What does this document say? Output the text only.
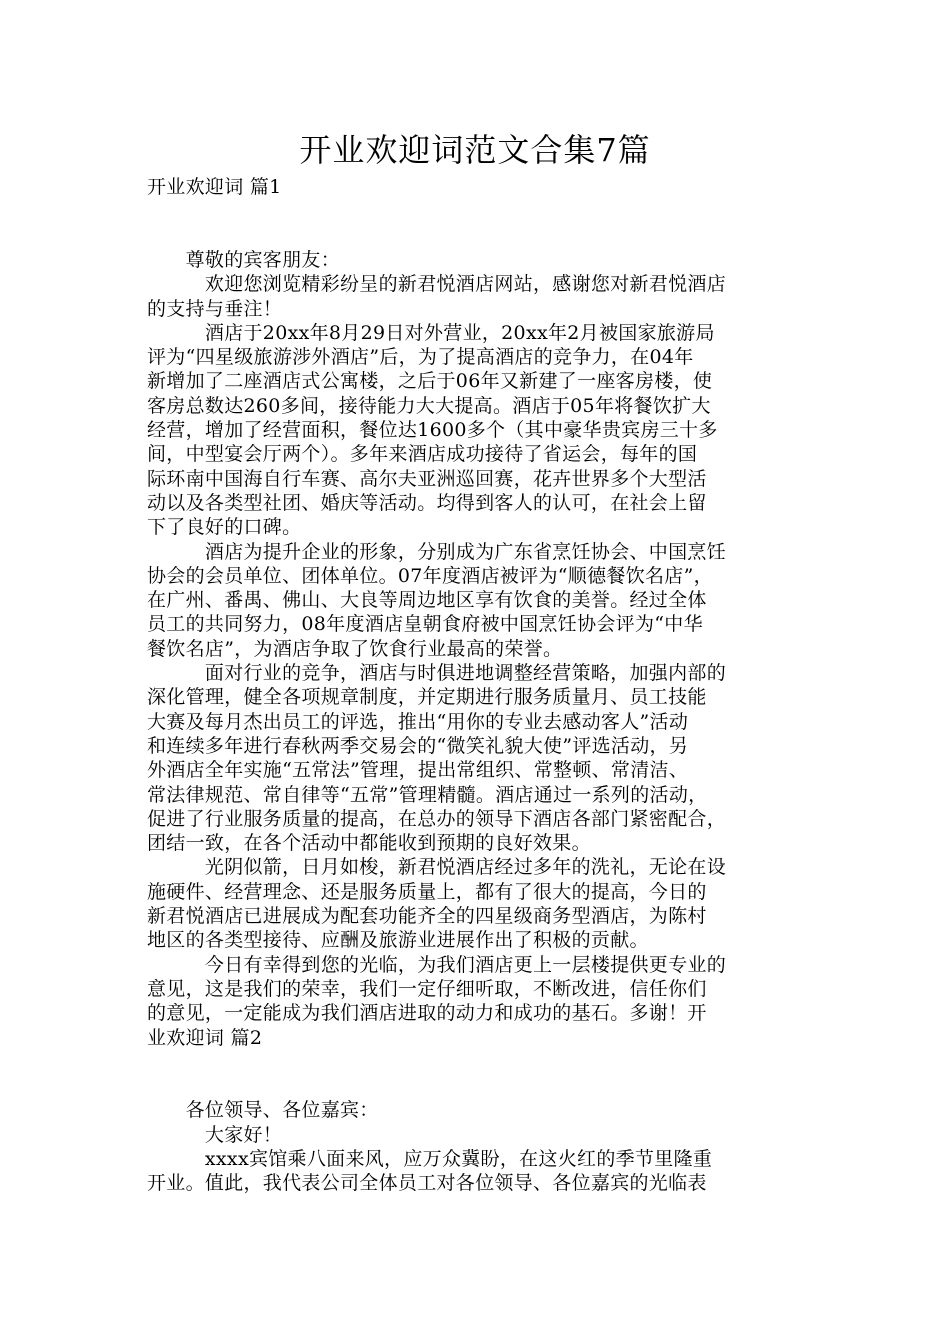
开业欢迎词范文合集7篇
开业欢迎词 篇1
　　尊敬的宾客朋友：
　　　欢迎您浏览精彩纷呈的新君悦酒店网站，感谢您对新君悦酒店
的支持与垂注！
　　　酒店于20xx年8月29日对外营业，20xx年2月被国家旅游局
评为“四星级旅游涉外酒店”后，为了提高酒店的竞争力，在04年
新增加了二座酒店式公寓楼，之后于06年又新建了一座客房楼，使
客房总数达260多间，接待能力大大提高。酒店于05年将餐饮扩大
经营，增加了经营面积，餐位达1600多个（其中豪华贵宾房三十多
间，中型宴会厅两个）。多年来酒店成功接待了省运会，每年的国
际环南中国海自行车赛、高尔夫亚洲巡回赛，花卉世界多个大型活
动以及各类型社团、婚庆等活动。均得到客人的认可，在社会上留
下了良好的口碑。
　　　酒店为提升企业的形象，分别成为广东省烹饪协会、中国烹饪
协会的会员单位、团体单位。07年度酒店被评为“顺德餐饮名店”，
在广州、番禺、佛山、大良等周边地区享有饮食的美誉。经过全体
员工的共同努力，08年度酒店皇朝食府被中国烹饪协会评为“中华
餐饮名店”，为酒店争取了饮食行业最高的荣誉。
　　　面对行业的竞争，酒店与时俱进地调整经营策略，加强内部的
深化管理，健全各项规章制度，并定期进行服务质量月、员工技能
大赛及每月杰出员工的评选，推出“用你的专业去感动客人”活动
和连续多年进行春秋两季交易会的“微笑礼貌大使”评选活动，另
外酒店全年实施“五常法”管理，提出常组织、常整顿、常清洁、
常法律规范、常自律等“五常”管理精髓。酒店通过一系列的活动，
促进了行业服务质量的提高，在总办的领导下酒店各部门紧密配合，
团结一致，在各个活动中都能收到预期的良好效果。
　　　光阴似箭，日月如梭，新君悦酒店经过多年的洗礼，无论在设
施硬件、经营理念、还是服务质量上，都有了很大的提高，今日的
新君悦酒店已进展成为配套功能齐全的四星级商务型酒店，为陈村
地区的各类型接待、应酬及旅游业进展作出了积极的贡献。
　　　今日有幸得到您的光临，为我们酒店更上一层楼提供更专业的
意见，这是我们的荣幸，我们一定仔细听取，不断改进，信任你们
的意见，一定能成为我们酒店进取的动力和成功的基石。多谢！开
业欢迎词 篇2
　　各位领导、各位嘉宾：
　　　大家好！
　　　xxxx宾馆乘八面来风，应万众冀盼，在这火红的季节里隆重
开业。值此，我代表公司全体员工对各位领导、各位嘉宾的光临表
